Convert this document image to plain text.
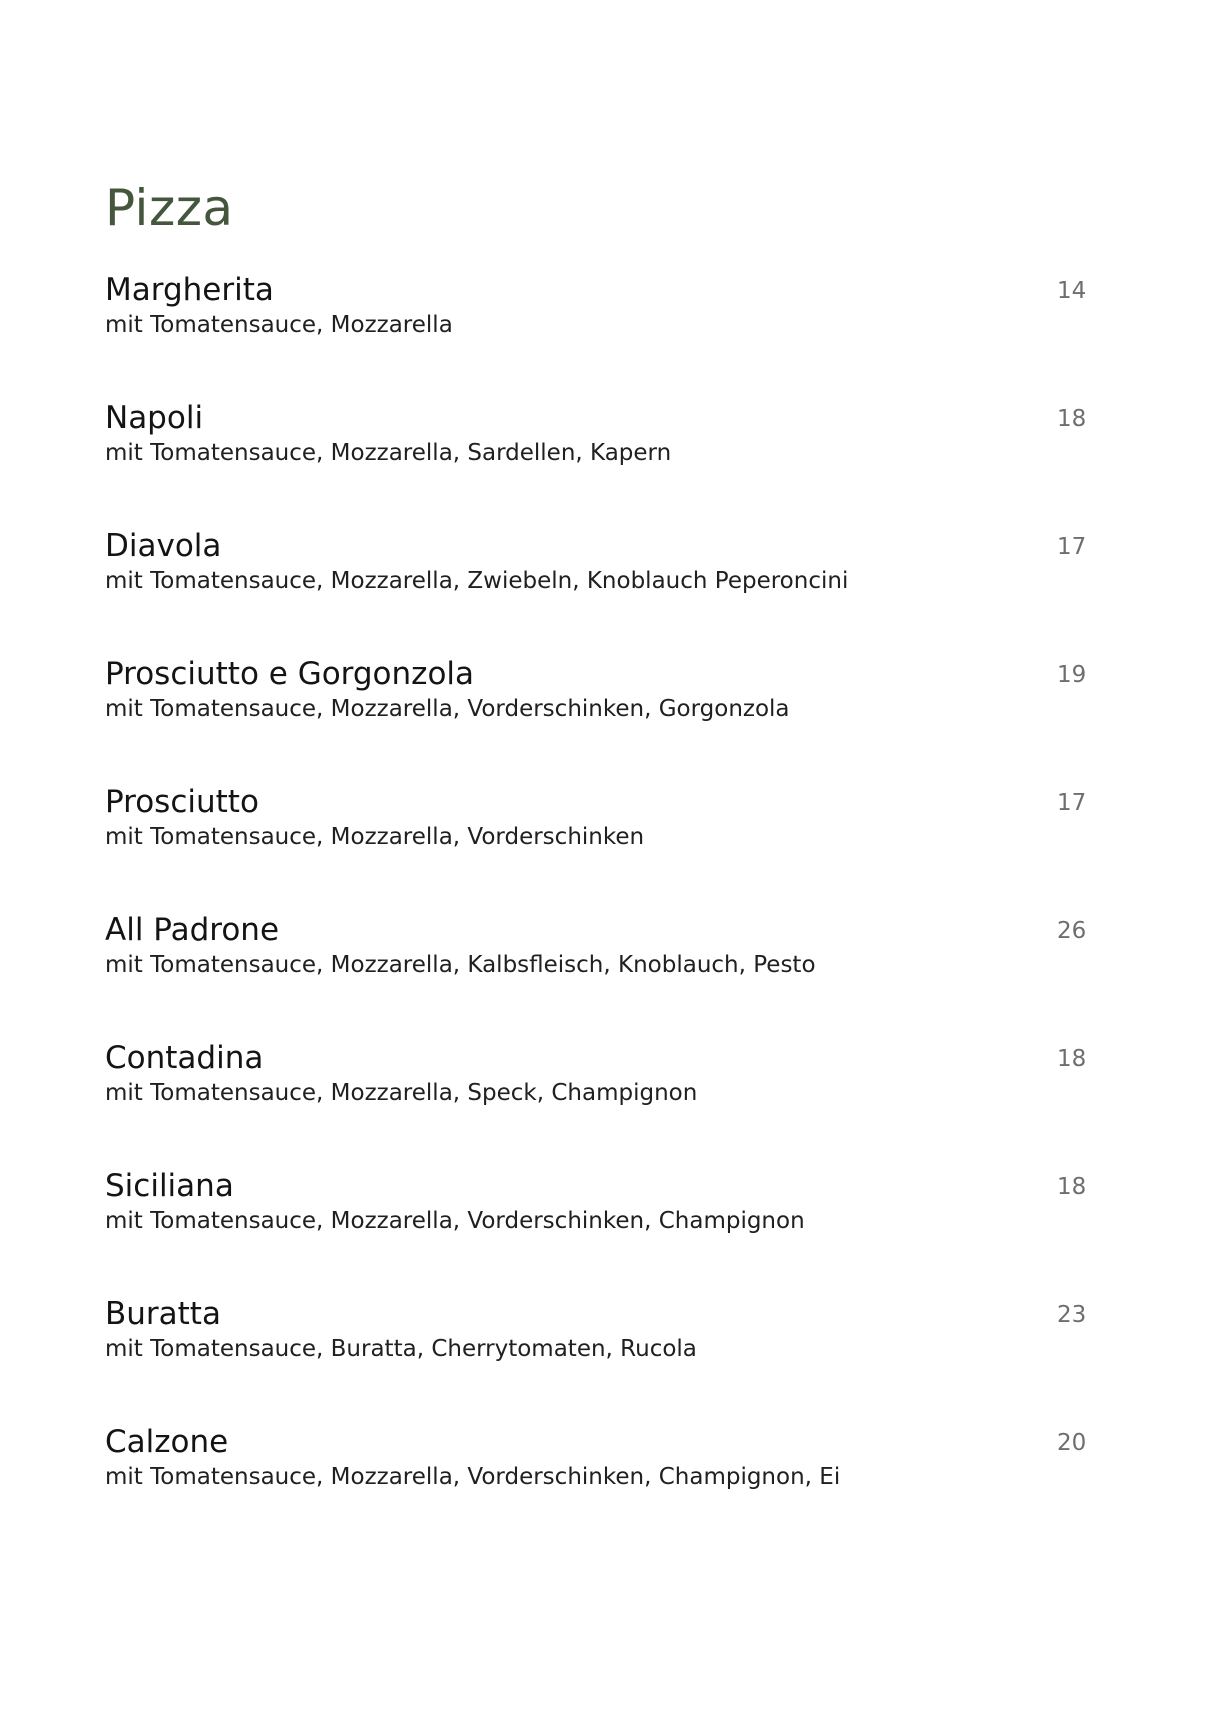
Pizza
Margherita
mit Tomatensauce, Mozzarella
14
Napoli
mit Tomatensauce, Mozzarella, Sardellen, Kapern
18
Diavola
mit Tomatensauce, Mozzarella, Zwiebeln, Knoblauch Peperoncini
17
Prosciutto e Gorgonzola
mit Tomatensauce, Mozzarella, Vorderschinken, Gorgonzola
19
Prosciutto
mit Tomatensauce, Mozzarella, Vorderschinken
17
All Padrone
mit Tomatensauce, Mozzarella, Kalbsfleisch, Knoblauch, Pesto
26
Contadina
mit Tomatensauce, Mozzarella, Speck, Champignon
18
Siciliana
mit Tomatensauce, Mozzarella, Vorderschinken, Champignon
18
Buratta
mit Tomatensauce, Buratta, Cherrytomaten, Rucola
23
Calzone
mit Tomatensauce, Mozzarella, Vorderschinken, Champignon, Ei
20
